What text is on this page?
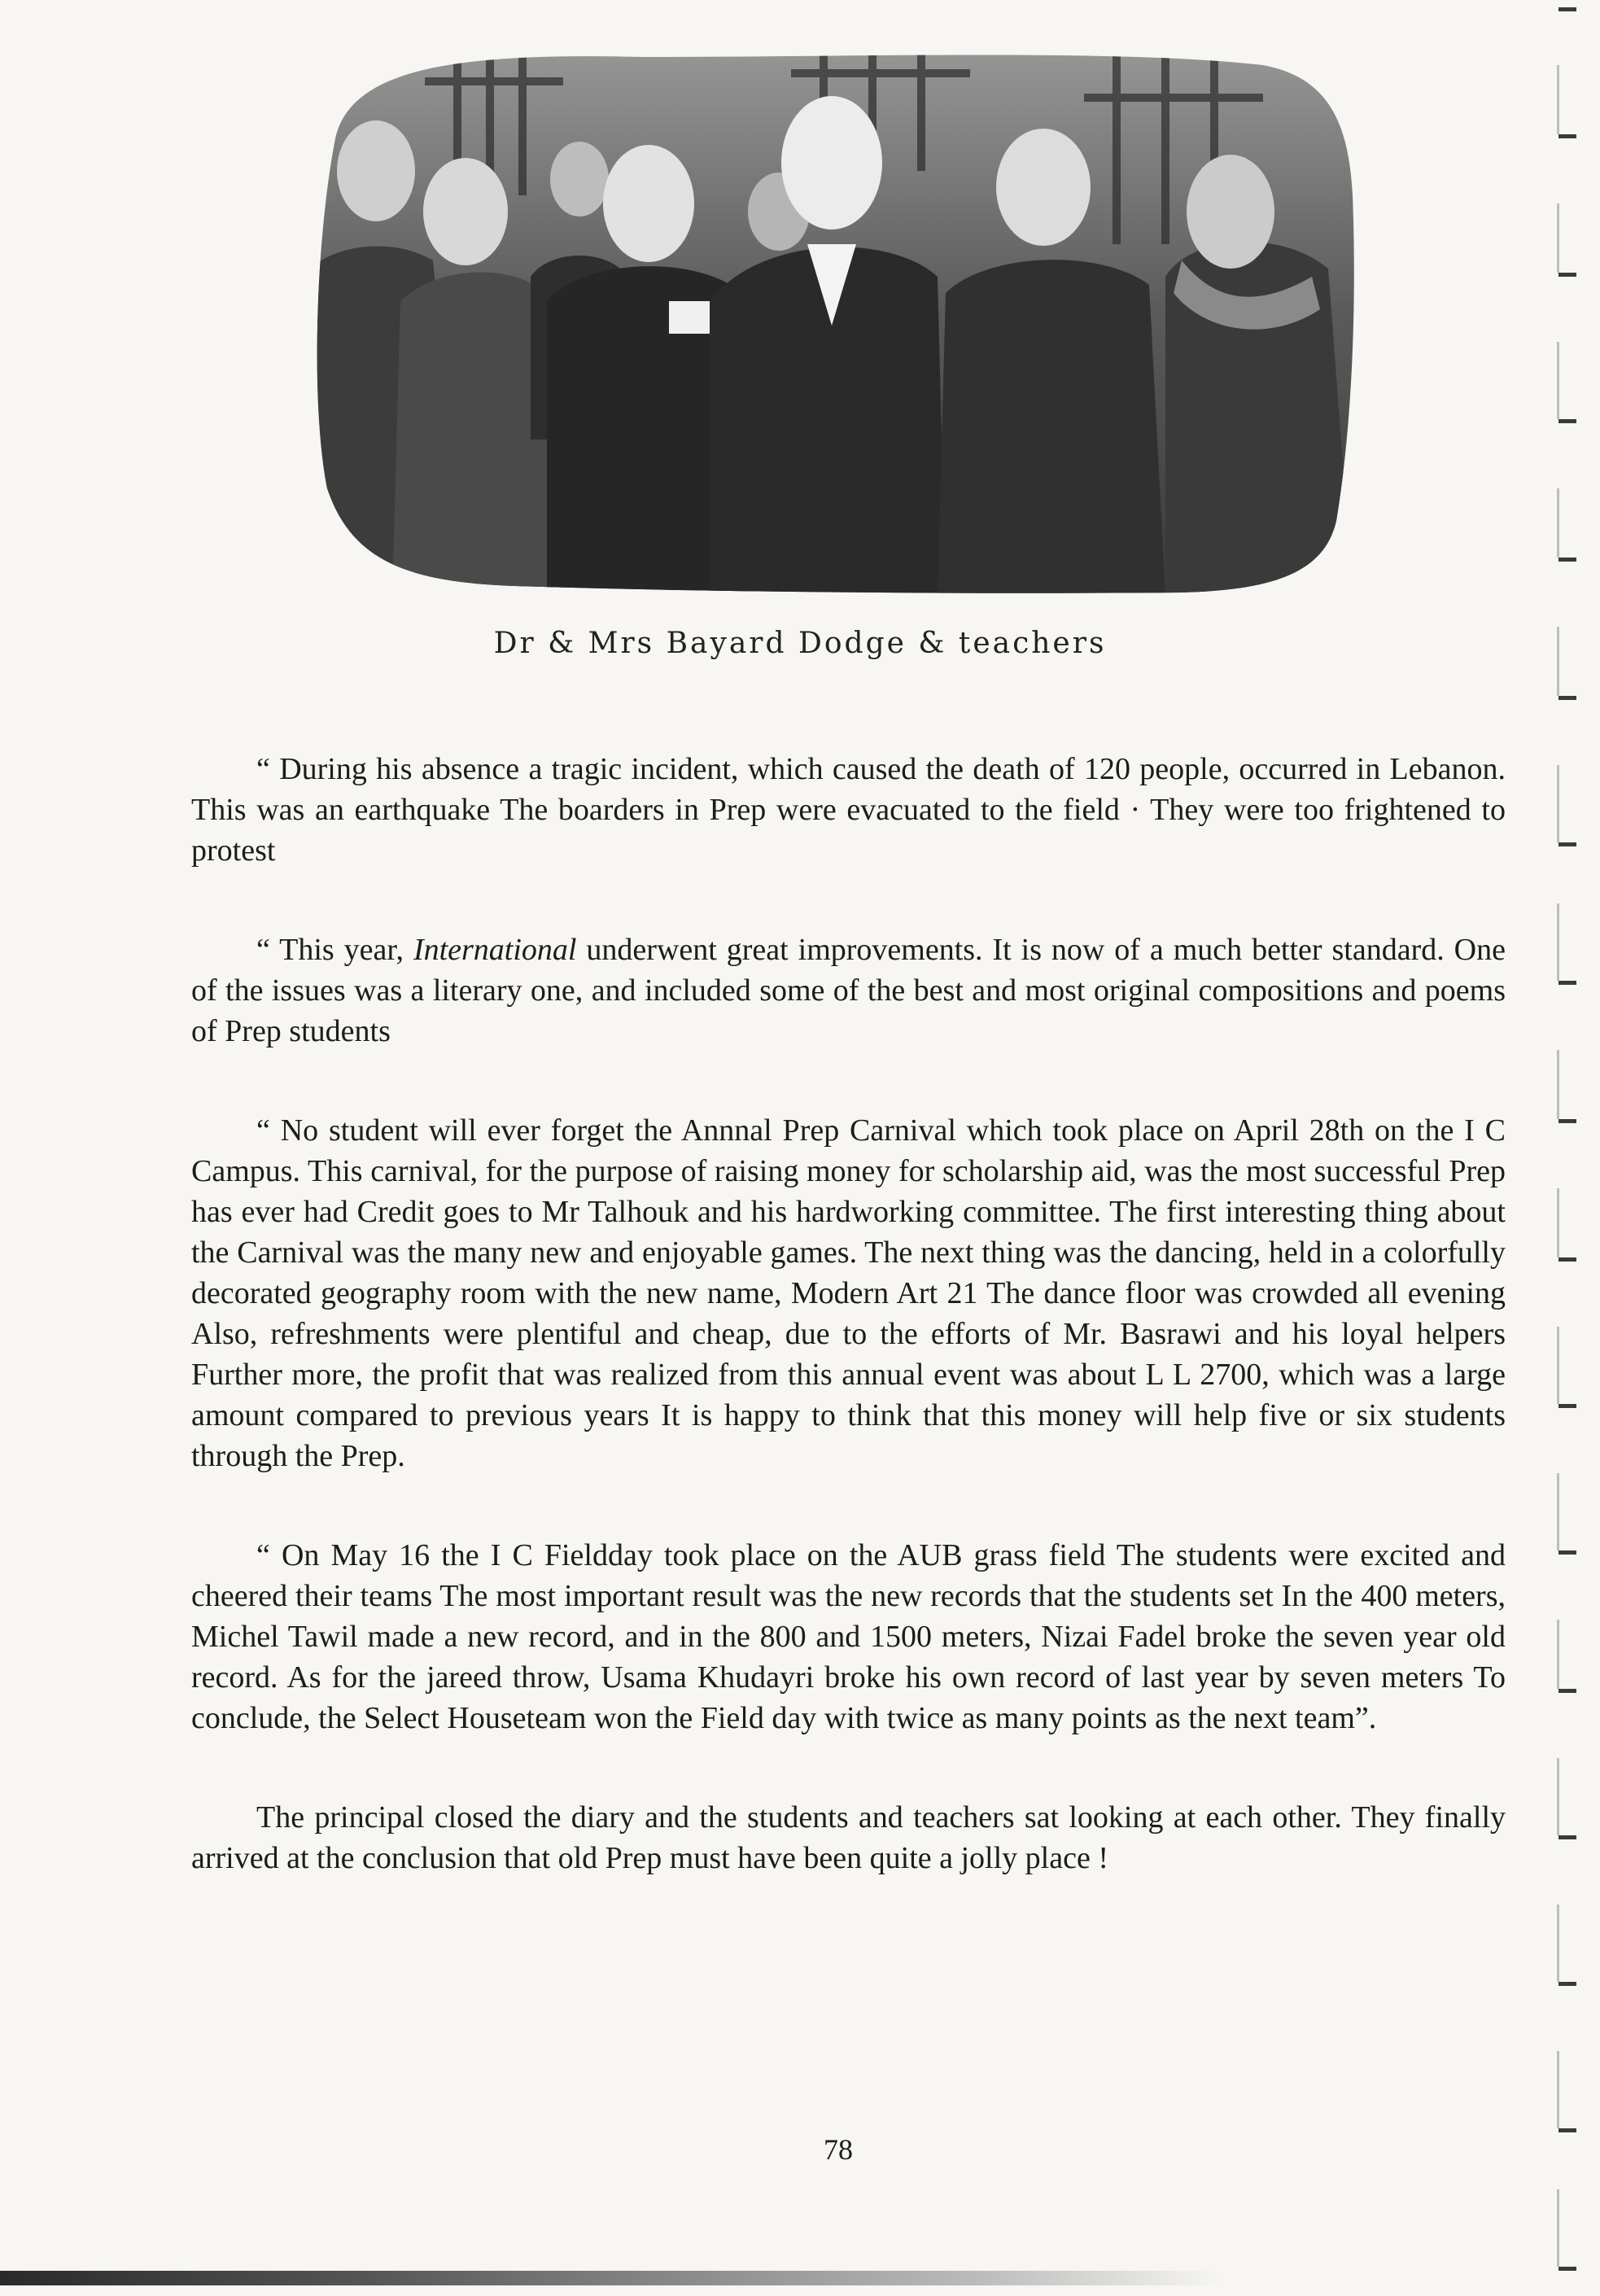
Dr & Mrs Bayard Dodge & teachers

“ During his absence a tragic incident, which caused the death of 120 people, occurred in Lebanon. This was an earthquake The boarders in Prep were evacuated to the field · They were too frightened to protest

“ This year, International underwent great improvements. It is now of a much better standard. One of the issues was a literary one, and included some of the best and most original compositions and poems of Prep students

“ No student will ever forget the Annnal Prep Carnival which took place on April 28th on the I C Campus. This carnival, for the purpose of raising money for scholarship aid, was the most successful Prep has ever had Credit goes to Mr Talhouk and his hardworking committee. The first interesting thing about the Carnival was the many new and enjoyable games. The next thing was the dancing, held in a colorfully decorated geography room with the new name, Modern Art 21 The dance floor was crowded all evening Also, refreshments were plentiful and cheap, due to the efforts of Mr. Basrawi and his loyal helpers Further more, the profit that was realized from this annual event was about L L 2700, which was a large amount compared to previous years It is happy to think that this money will help five or six students through the Prep.

“ On May 16 the I C Fieldday took place on the AUB grass field The students were excited and cheered their teams The most important result was the new records that the students set In the 400 meters, Michel Tawil made a new record, and in the 800 and 1500 meters, Nizai Fadel broke the seven year old record. As for the jareed throw, Usama Khudayri broke his own record of last year by seven meters To conclude, the Select Houseteam won the Field day with twice as many points as the next team”.

The principal closed the diary and the students and teachers sat looking at each other. They finally arrived at the conclusion that old Prep must have been quite a jolly place !

78
